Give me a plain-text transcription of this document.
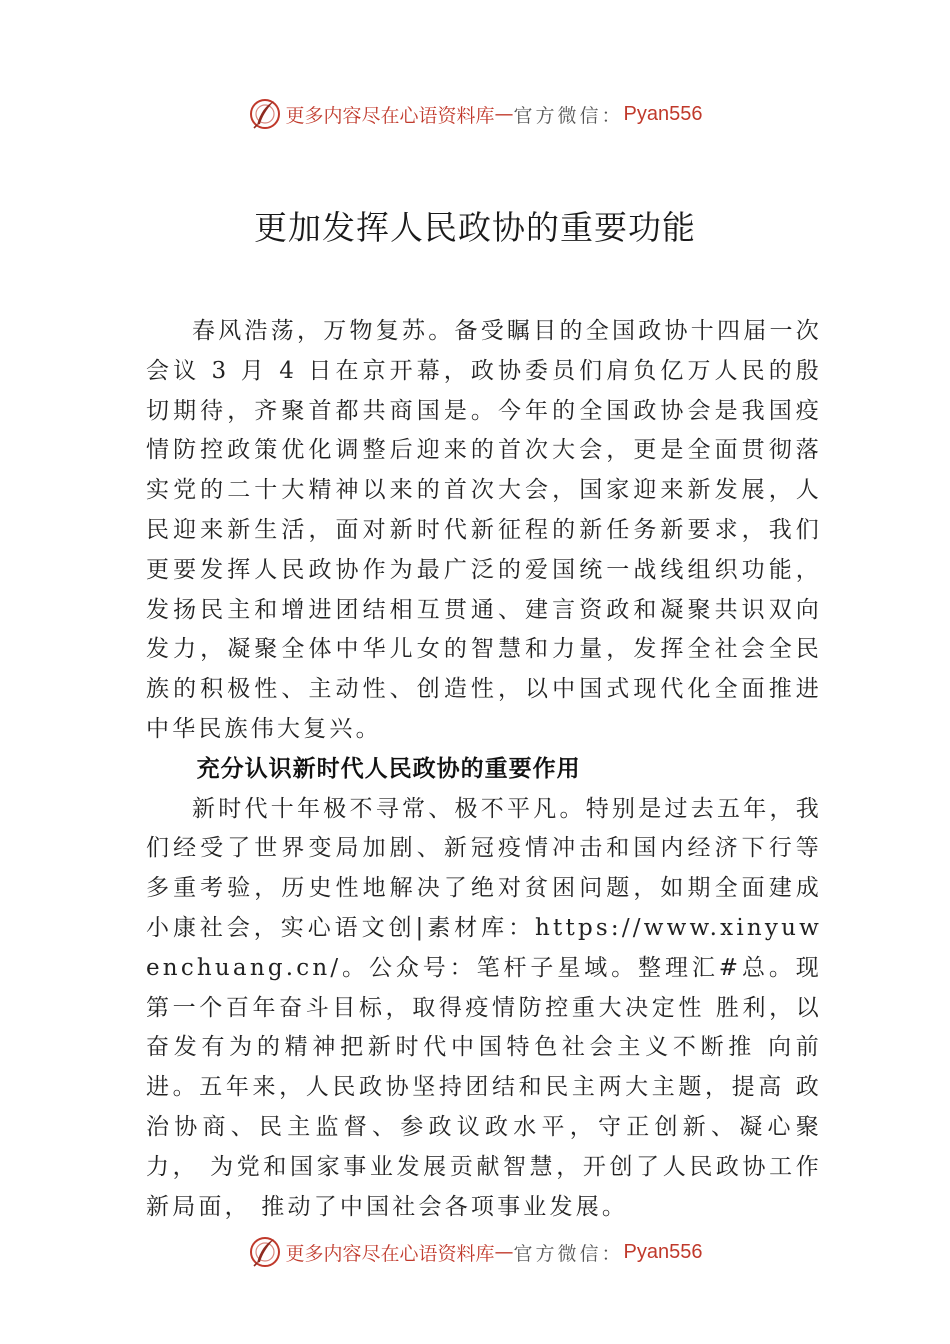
更多内容尽在心语资料库 — 官方微信： Pyan556
更加发挥人民政协的重要功能

春风浩荡，万物复苏。备受瞩目的全国政协十四届一次会议 3 月 4 日在京开幕，政协委员们肩负亿万人民的殷切期待，齐聚首都共商国是。今年的全国政协会是我国疫情防控政策优化调整后迎来的首次大会，更是全面贯彻落实党的二十大精神以来的首次大会，国家迎来新发展，人民迎来新生活，面对新时代新征程的新任务新要求，我们更要发挥人民政协作为最广泛的爱国统一战线组织功能，发扬民主和增进团结相互贯通、建言资政和凝聚共识双向发力，凝聚全体中华儿女的智慧和力量，发挥全社会全民族的积极性、主动性、创造性，以中国式现代化全面推进中华民族伟大复兴。

充分认识新时代人民政协的重要作用

新时代十年极不寻常、极不平凡。特别是过去五年，我们经受了世界变局加剧、新冠疫情冲击和国内经济下行等多重考验，历史性地解决了绝对贫困问题，如期全面建成小康社会，实心语文创|素材库：https://www.xinyuwenchuang.cn/。公众号：笔杆子星域。整理汇#总。现第一个百年奋斗目标，取得疫情防控重大决定性 胜利，以奋发有为的精神把新时代中国特色社会主义不断推 向前进。五年来，人民政协坚持团结和民主两大主题，提高 政治协商、民主监督、参政议政水平，守正创新、凝心聚力， 为党和国家事业发展贡献智慧，开创了人民政协工作新局面， 推动了中国社会各项事业发展。

更多内容尽在心语资料库 — 官方微信： Pyan556
